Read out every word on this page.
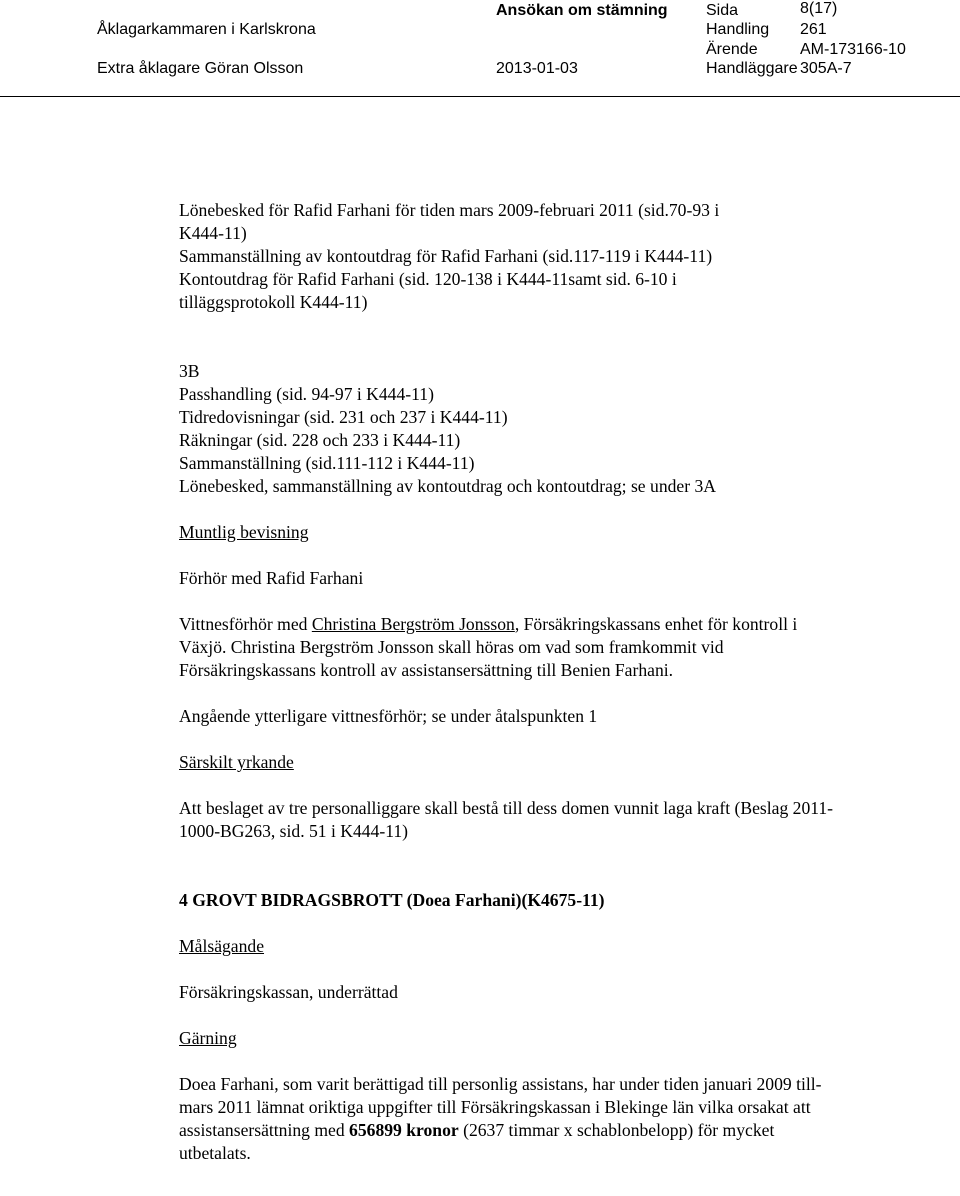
Åklagarkammaren i Karlskrona
Extra åklagare Göran Olsson
Ansökan om stämning
2013-01-03
Sida	8(17)
Handling 261
Ärende	AM-173166-10
Handläggare 305A-7

Lönebesked för Rafid Farhani för tiden mars 2009-februari 2011 (sid.70-93 i

K444-11)

Sammanställning av kontoutdrag för Rafid Farhani (sid.117-119 i K444-11)

Kontoutdrag för Rafid Farhani (sid. 120-138 i K444-11samt sid. 6-10 i

tilläggsprotokoll K444-11)

3B

Passhandling (sid. 94-97 i K444-11)

Tidredovisningar (sid. 231 och 237 i K444-11)

Räkningar (sid. 228 och 233 i K444-11)

Sammanställning (sid.111-112 i K444-11)

Lönebesked, sammanställning av kontoutdrag och kontoutdrag; se under 3A

Muntlig bevisning

Förhör med Rafid Farhani

Vittnesförhör med Christina Bergström Jonsson, Försäkringskassans enhet för kontroll i Växjö. Christina Bergström Jonsson skall höras om vad som framkommit vid Försäkringskassans kontroll av assistansersättning till Benien Farhani.

Angående ytterligare vittnesförhör; se under åtalspunkten 1

Särskilt yrkande

Att beslaget av tre personalliggare skall bestå till dess domen vunnit laga kraft (Beslag 2011-1000-BG263, sid. 51 i K444-11)

4 GROVT BIDRAGSBROTT (Doea Farhani)(K4675-11)

Målsägande

Försäkringskassan, underrättad

Gärning

Doea Farhani, som varit berättigad till personlig assistans, har under tiden januari 2009 till- mars 2011 lämnat oriktiga uppgifter till Försäkringskassan i Blekinge län vilka orsakat att assistansersättning med 656899 kronor (2637 timmar x schablonbelopp) för mycket utbetalats.
